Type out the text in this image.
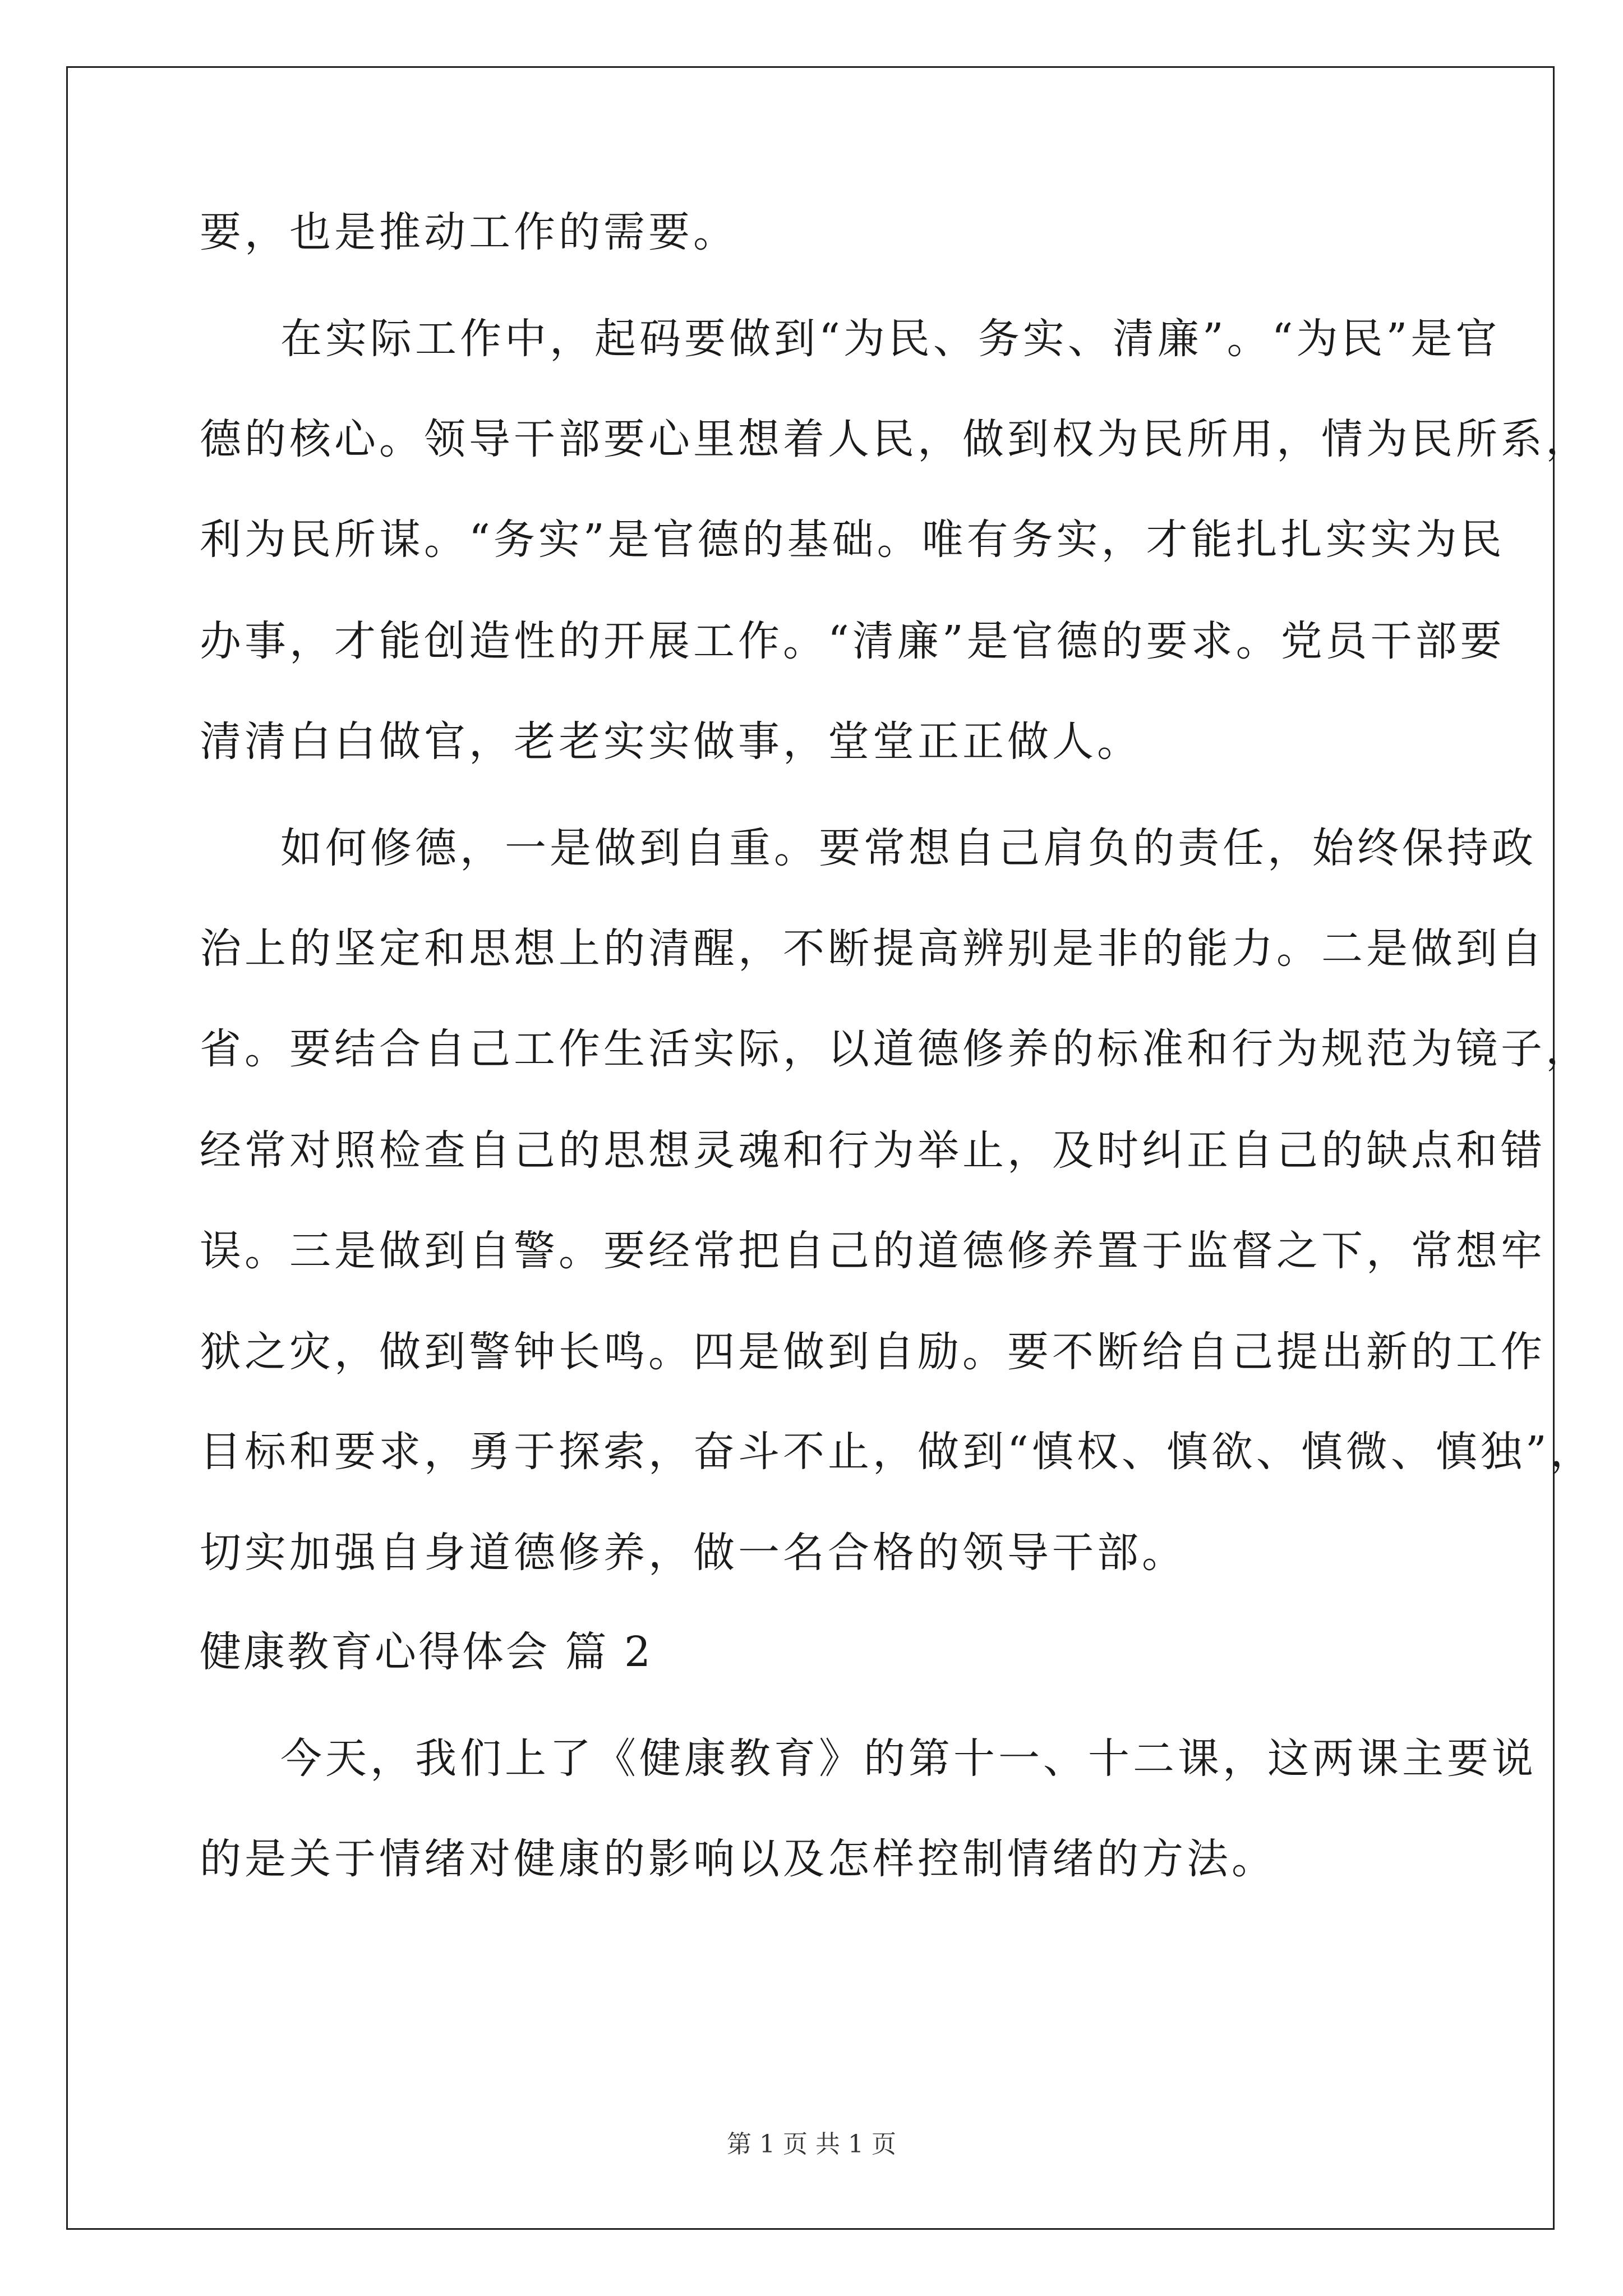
要，也是推动工作的需要。
在实际工作中，起码要做到“为民、务实、清廉”。“为民”是官
德的核心。领导干部要心里想着人民，做到权为民所用，情为民所系，
利为民所谋。“务实”是官德的基础。唯有务实，才能扎扎实实为民
办事，才能创造性的开展工作。“清廉”是官德的要求。党员干部要
清清白白做官，老老实实做事，堂堂正正做人。
如何修德，一是做到自重。要常想自己肩负的责任，始终保持政
治上的坚定和思想上的清醒，不断提高辨别是非的能力。二是做到自
省。要结合自己工作生活实际，以道德修养的标准和行为规范为镜子，
经常对照检查自己的思想灵魂和行为举止，及时纠正自己的缺点和错
误。三是做到自警。要经常把自己的道德修养置于监督之下，常想牢
狱之灾，做到警钟长鸣。四是做到自励。要不断给自己提出新的工作
目标和要求，勇于探索，奋斗不止，做到“慎权、慎欲、慎微、慎独”，
切实加强自身道德修养，做一名合格的领导干部。
健康教育心得体会 篇 2
今天，我们上了《健康教育》的第十一、十二课，这两课主要说
的是关于情绪对健康的影响以及怎样控制情绪的方法。
第 1 页 共 1 页
